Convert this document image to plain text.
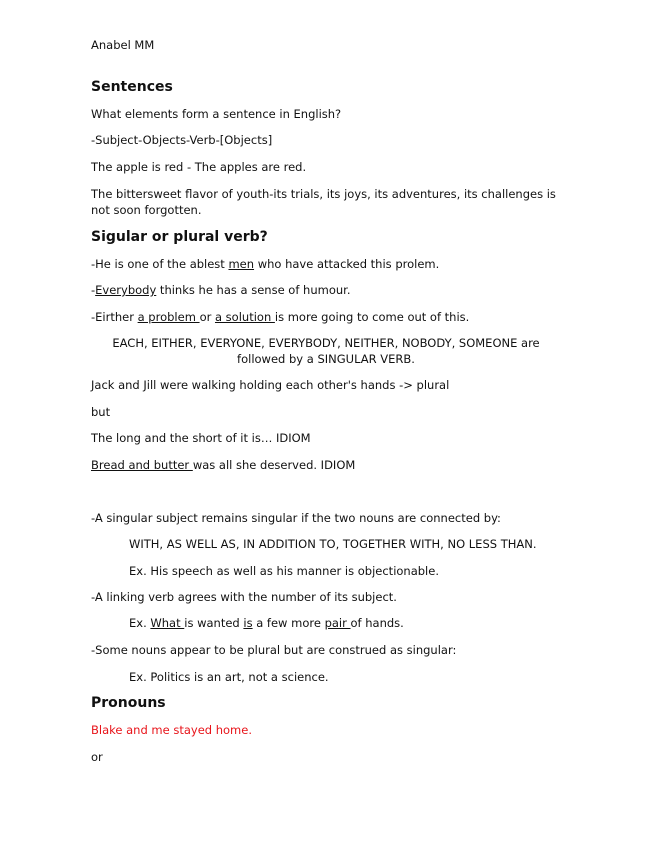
Anabel MM
Sentences
What elements form a sentence in English?
-Subject-Objects-Verb-[Objects]
The apple is red - The apples are red.
The bittersweet flavor of youth-its trials, its joys, its adventures, its challenges is not soon forgotten.
Sigular or plural verb?
-He is one of the ablest men who have attacked this prolem.
-Everybody thinks he has a sense of humour.
-Eirther a problem or a solution is more going to come out of this.
EACH, EITHER, EVERYONE, EVERYBODY, NEITHER, NOBODY, SOMEONE are followed by a SINGULAR VERB.
Jack and Jill were walking holding each other's hands -> plural
but
The long and the short of it is… IDIOM
Bread and butter was all she deserved. IDIOM
-A singular subject remains singular if the two nouns are connected by:
WITH, AS WELL AS, IN ADDITION TO, TOGETHER WITH, NO LESS THAN.
Ex. His speech as well as his manner is objectionable.
-A linking verb agrees with the number of its subject.
Ex. What is wanted is a few more pair of hands.
-Some nouns appear to be plural but are construed as singular:
Ex. Politics is an art, not a science.
Pronouns
Blake and me stayed home.
or
